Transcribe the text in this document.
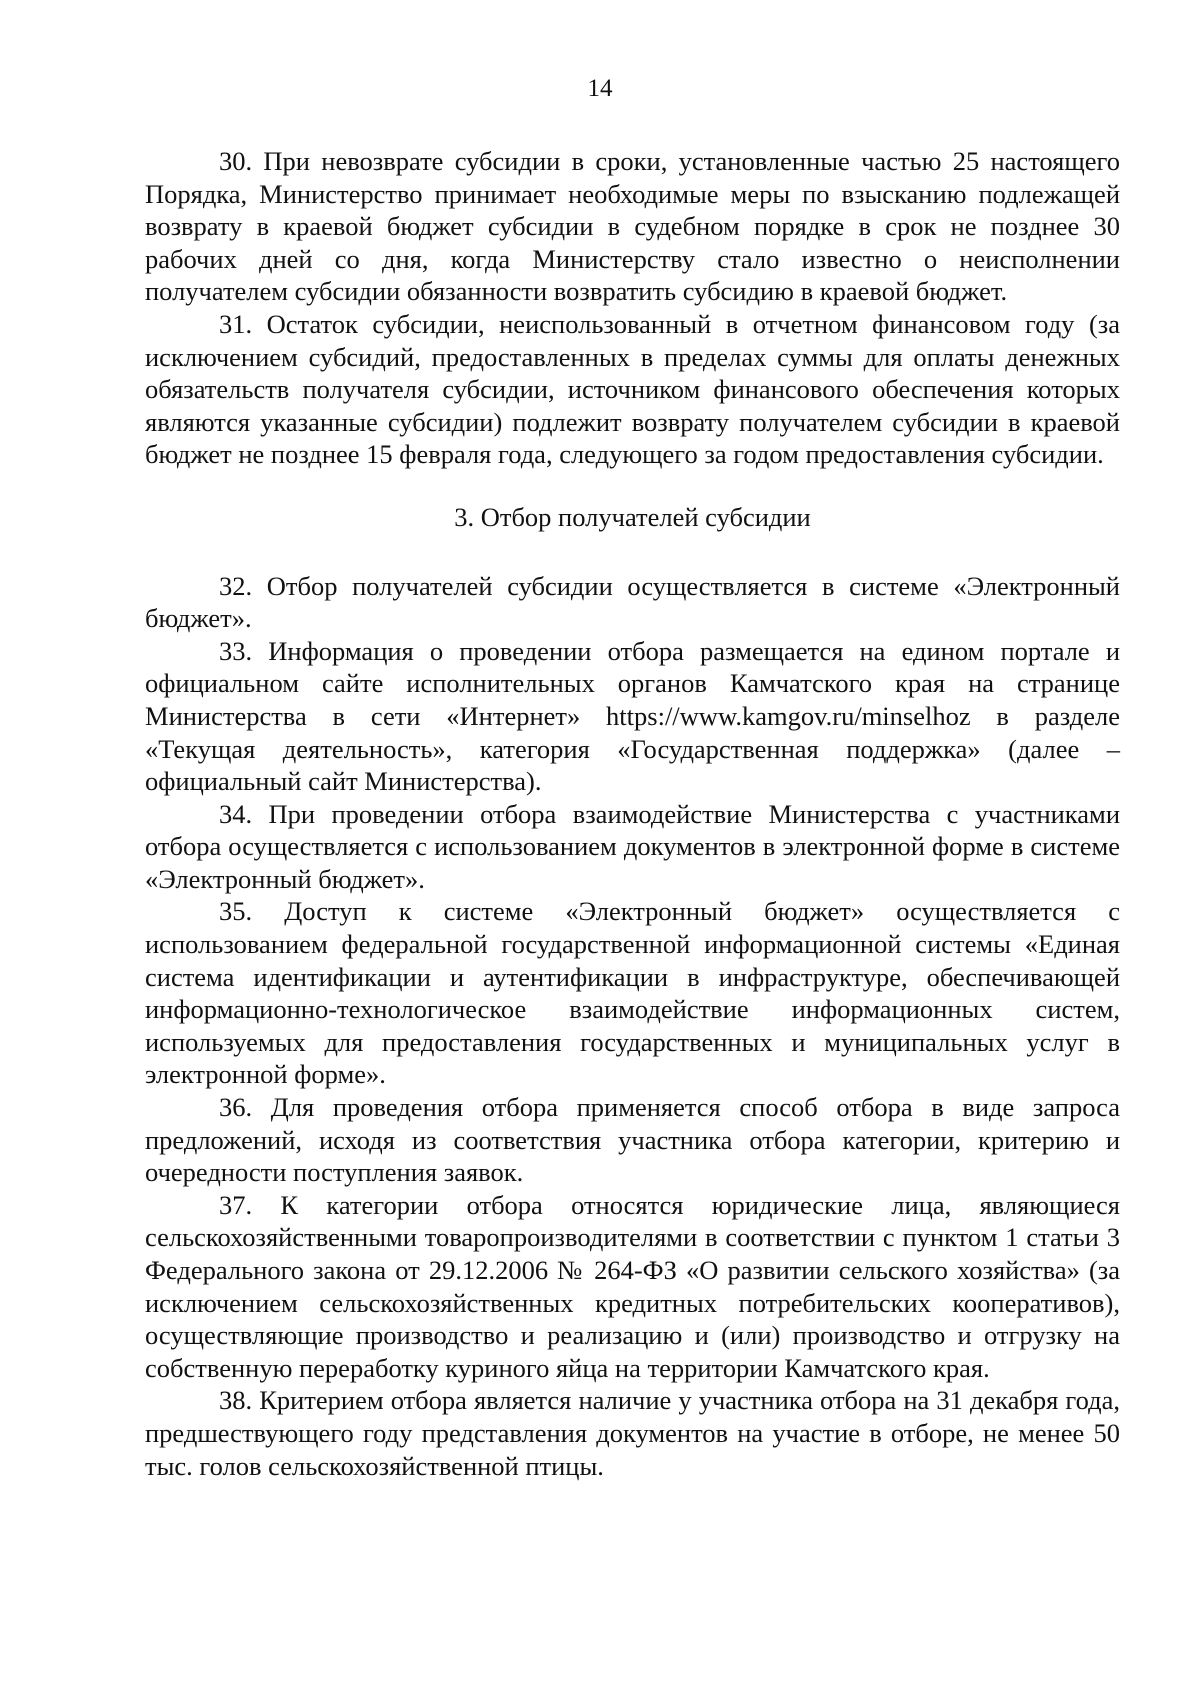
14

30. При невозврате субсидии в сроки, установленные частью 25 настоящего Порядка, Министерство принимает необходимые меры по взысканию подлежащей возврату в краевой бюджет субсидии в судебном порядке в срок не позднее 30 рабочих дней со дня, когда Министерству стало известно о неисполнении получателем субсидии обязанности возвратить субсидию в краевой бюджет.

31. Остаток субсидии, неиспользованный в отчетном финансовом году (за исключением субсидий, предоставленных в пределах суммы для оплаты денежных обязательств получателя субсидии, источником финансового обеспечения которых являются указанные субсидии) подлежит возврату получателем субсидии в краевой бюджет не позднее 15 февраля года, следующего за годом предоставления субсидии.

3. Отбор получателей субсидии

32. Отбор получателей субсидии осуществляется в системе «Электронный бюджет».

33. Информация о проведении отбора размещается на едином портале и официальном сайте исполнительных органов Камчатского края на странице Министерства в сети «Интернет» https://www.kamgov.ru/minselhoz в разделе «Текущая деятельность», категория «Государственная поддержка» (далее – официальный сайт Министерства).

34. При проведении отбора взаимодействие Министерства с участниками отбора осуществляется с использованием документов в электронной форме в системе «Электронный бюджет».

35. Доступ к системе «Электронный бюджет» осуществляется с использованием федеральной государственной информационной системы «Единая система идентификации и аутентификации в инфраструктуре, обеспечивающей информационно-технологическое взаимодействие информационных систем, используемых для предоставления государственных и муниципальных услуг в электронной форме».

36. Для проведения отбора применяется способ отбора в виде запроса предложений, исходя из соответствия участника отбора категории, критерию и очередности поступления заявок.

37. К категории отбора относятся юридические лица, являющиеся сельскохозяйственными товаропроизводителями в соответствии с пунктом 1 статьи 3 Федерального закона от 29.12.2006 № 264-ФЗ «О развитии сельского хозяйства» (за исключением сельскохозяйственных кредитных потребительских кооперативов), осуществляющие производство и реализацию и (или) производство и отгрузку на собственную переработку куриного яйца на территории Камчатского края.

38. Критерием отбора является наличие у участника отбора на 31 декабря года, предшествующего году представления документов на участие в отборе, не менее 50 тыс. голов сельскохозяйственной птицы.
